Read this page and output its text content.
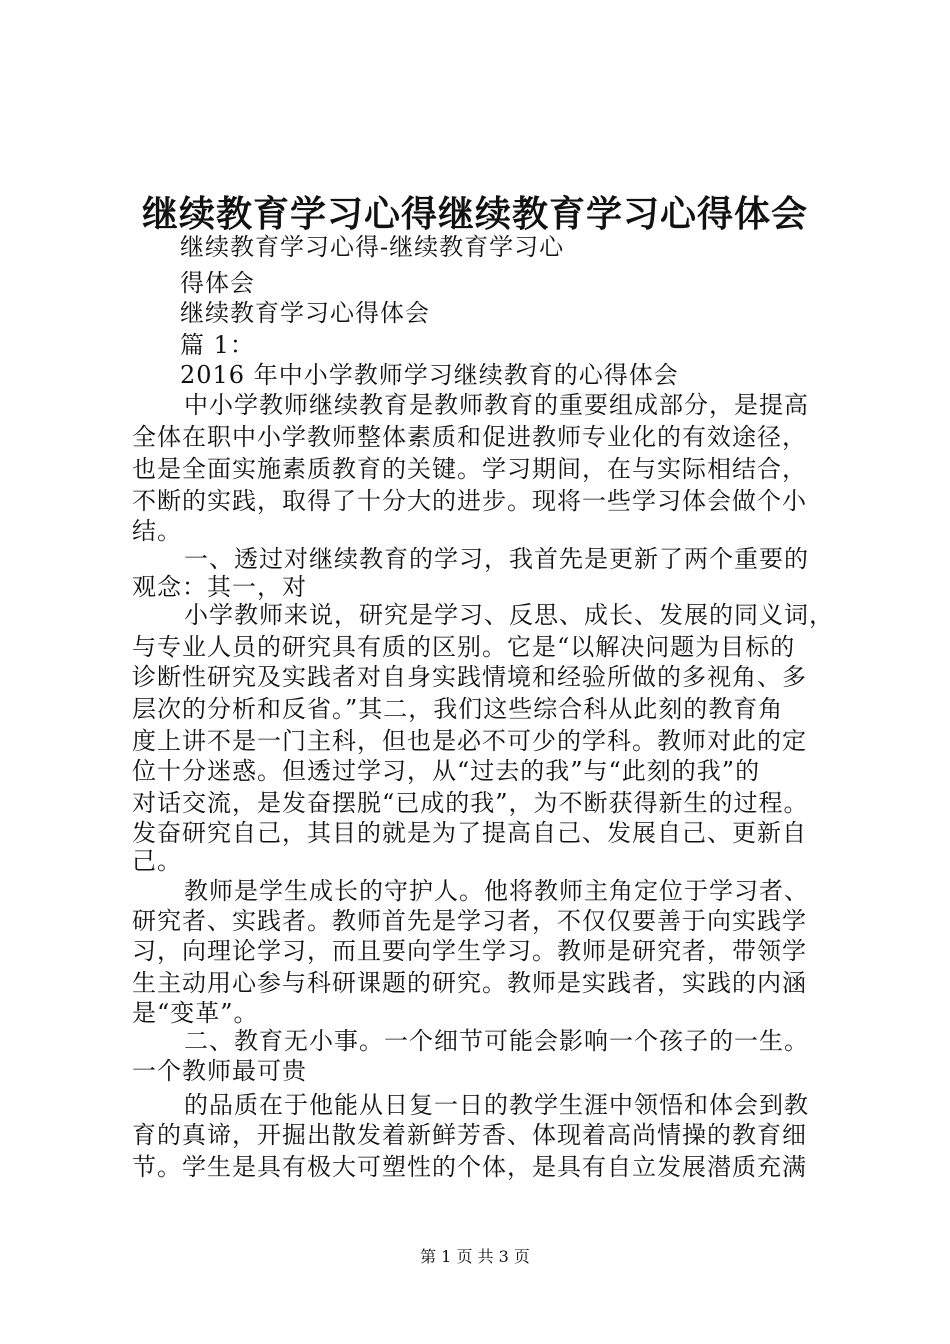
继续教育学习心得继续教育学习心得体会
继续教育学习心得-继续教育学习心
得体会
继续教育学习心得体会
篇 1：
2016 年中小学教师学习继续教育的心得体会
中小学教师继续教育是教师教育的重要组成部分，是提高
全体在职中小学教师整体素质和促进教师专业化的有效途径，
也是全面实施素质教育的关键。学习期间，在与实际相结合，
不断的实践，取得了十分大的进步。现将一些学习体会做个小
结。
一、透过对继续教育的学习，我首先是更新了两个重要的
观念：其一，对
小学教师来说，研究是学习、反思、成长、发展的同义词，
与专业人员的研究具有质的区别。它是“以解决问题为目标的
诊断性研究及实践者对自身实践情境和经验所做的多视角、多
层次的分析和反省。”其二，我们这些综合科从此刻的教育角
度上讲不是一门主科，但也是必不可少的学科。教师对此的定
位十分迷惑。但透过学习，从“过去的我”与“此刻的我”的
对话交流，是发奋摆脱“已成的我”，为不断获得新生的过程。
发奋研究自己，其目的就是为了提高自己、发展自己、更新自
己。
教师是学生成长的守护人。他将教师主角定位于学习者、
研究者、实践者。教师首先是学习者，不仅仅要善于向实践学
习，向理论学习，而且要向学生学习。教师是研究者，带领学
生主动用心参与科研课题的研究。教师是实践者，实践的内涵
是“变革”。
二、教育无小事。一个细节可能会影响一个孩子的一生。
一个教师最可贵
的品质在于他能从日复一日的教学生涯中领悟和体会到教
育的真谛，开掘出散发着新鲜芳香、体现着高尚情操的教育细
节。学生是具有极大可塑性的个体，是具有自立发展潜质充满
第 1 页 共 3 页
